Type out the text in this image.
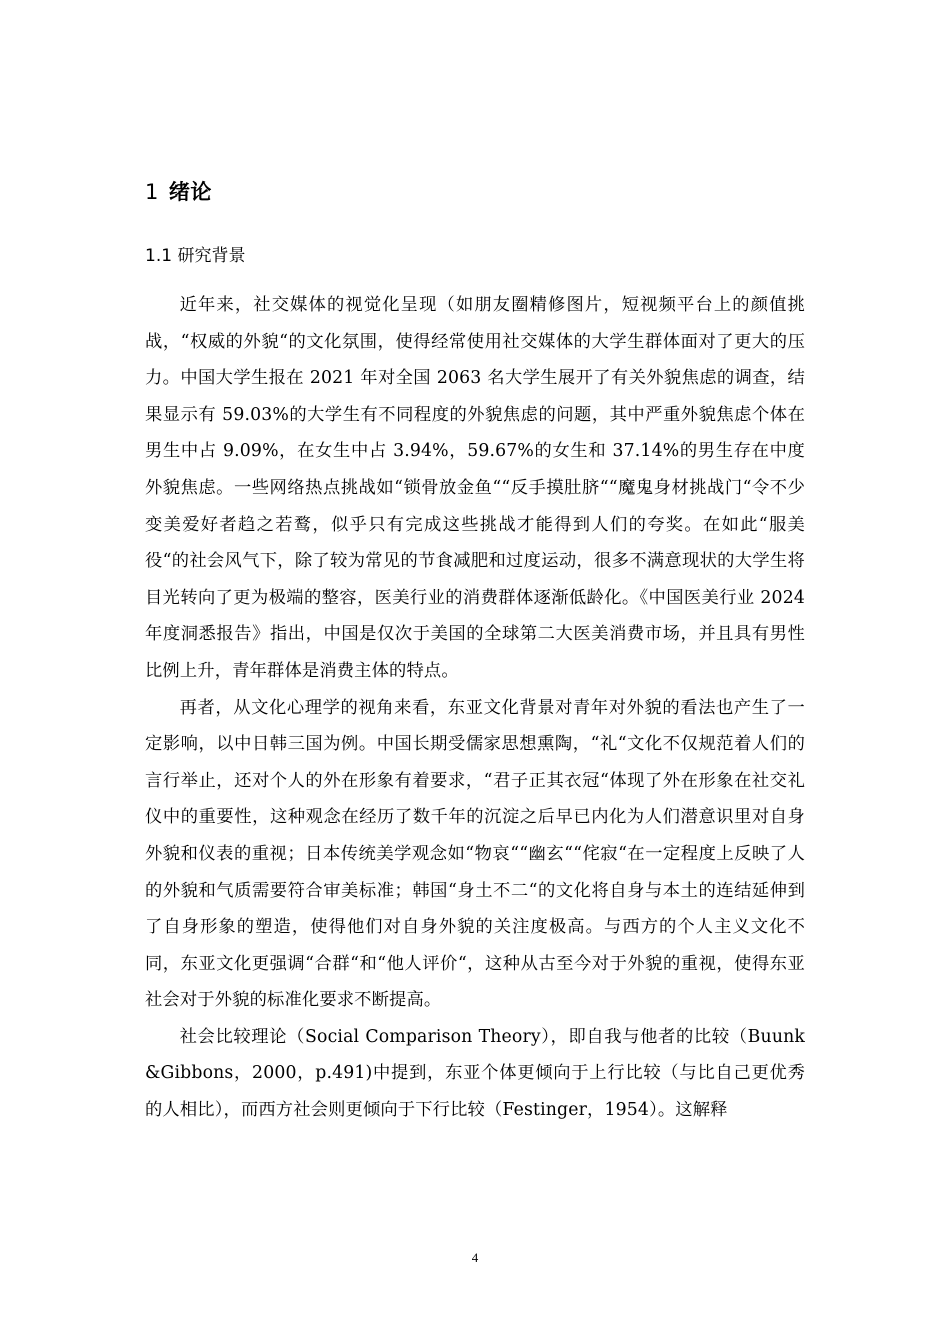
1 绪论
1.1 研究背景

近年来，社交媒体的视觉化呈现（如朋友圈精修图片，短视频平台上的颜值挑战，“权威的外貌“的文化氛围，使得经常使用社交媒体的大学生群体面对了更大的压力。中国大学生报在 2021 年对全国 2063 名大学生展开了有关外貌焦虑的调查，结果显示有 59.03%的大学生有不同程度的外貌焦虑的问题，其中严重外貌焦虑个体在男生中占 9.09%，在女生中占 3.94%，59.67%的女生和 37.14%的男生存在中度外貌焦虑。一些网络热点挑战如“锁骨放金鱼““反手摸肚脐““魔鬼身材挑战门“令不少变美爱好者趋之若鹜，似乎只有完成这些挑战才能得到人们的夸奖。在如此“服美役“的社会风气下，除了较为常见的节食减肥和过度运动，很多不满意现状的大学生将目光转向了更为极端的整容，医美行业的消费群体逐渐低龄化。《中国医美行业 2024 年度洞悉报告》指出，中国是仅次于美国的全球第二大医美消费市场，并且具有男性比例上升，青年群体是消费主体的特点。

再者，从文化心理学的视角来看，东亚文化背景对青年对外貌的看法也产生了一定影响，以中日韩三国为例。中国长期受儒家思想熏陶，“礼“文化不仅规范着人们的言行举止，还对个人的外在形象有着要求，“君子正其衣冠“体现了外在形象在社交礼仪中的重要性，这种观念在经历了数千年的沉淀之后早已内化为人们潜意识里对自身外貌和仪表的重视；日本传统美学观念如“物哀““幽玄““侘寂“在一定程度上反映了人的外貌和气质需要符合审美标准；韩国“身土不二“的文化将自身与本土的连结延伸到了自身形象的塑造，使得他们对自身外貌的关注度极高。与西方的个人主义文化不同，东亚文化更强调“合群“和“他人评价“，这种从古至今对于外貌的重视，使得东亚社会对于外貌的标准化要求不断提高。

社会比较理论（Social Comparison Theory），即自我与他者的比较（Buunk &Gibbons，2000，p.491)中提到，东亚个体更倾向于上行比较（与比自己更优秀的人相比），而西方社会则更倾向于下行比较（Festinger，1954）。这解释

4
